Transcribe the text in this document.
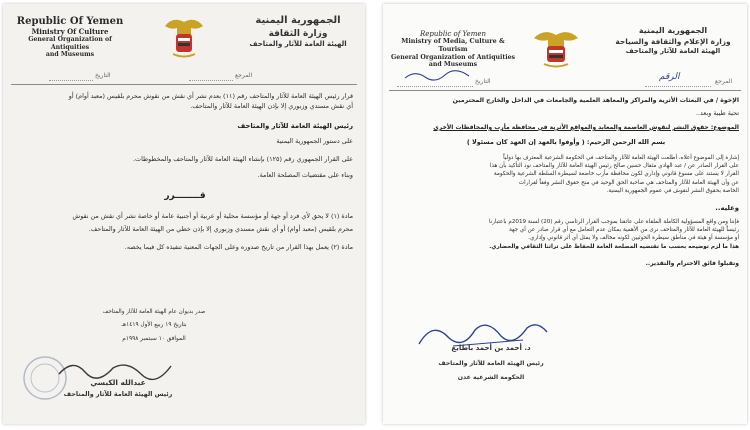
Republic Of Yemen
Ministry Of Culture
General Organization of Antiquities
and Museums
الجمهورية اليمنية
وزارة الثقافة
الهيئة العامة للآثار والمتاحف
المرجع
التاريخ
قرار رئيس الهيئة العامة للآثار والمتاحف رقم (١١) بعدم نشر أي نقش من نقوش محرم بلقيس (معبد أوام) أو
أي نقش مسندي وزبوري إلا بإذن الهيئة العامة للآثار والمتاحف.
رئيس الهيئة العامة للآثار والمتاحف
على دستور الجمهورية اليمنية
على القرار الجمهوري رقم (١٢٥) بإنشاء الهيئة العامة للآثار والمتاحف والمخطوطات.
وبناء على مقتضيات المصلحة العامة.
قــــــــرر
مادة (١) لا يحق لأي فرد أو جهة أو مؤسسة محلية أو عربية أو أجنبية عامة أو خاصة نشر أي نقش من نقوش
محرم بلقيس (معبد أوام) أو أي نقش مسندي وزبوري إلا بإذن خطي من الهيئة العامة للآثار والمتاحف.
مادة (٢) يعمل بهذا القرار من تاريخ صدوره وعلى الجهات المعنية تنفيذه كل فيما يخصه.
صدر بديوان عام الهيئة العامة للآثار والمتاحف
بتاريخ ١٩ ربيع الأول ١٤١٩هـ
الموافق ١٠ سبتمبر ١٩٩٨م
عبدالله الكبسي
رئيس الهيئة العامة للآثار والمتاحف
Republic of Yemen
Ministry of Media, Culture & Tourism
General Organization of Antiquities
and Museums
الجمهورية اليمنية
وزارة الإعلام والثقافة والسياحة
الهيئة العامة للآثار والمتاحف
المرجع
الرقم
التاريخ
الإخوة / في البعثات الأثرية والمراكز والمعاهد العلمية والجامعات في الداخل والخارج المحترمين
تحية طيبة وبعد..
الموضوع: حقوق النشر لنقوش العاصمة والمعابد والمواقع الأثرية في محافظة مأرب والمحافظات الأخرى
بسم الله الرحمن الرحيم: ( وأوفوا بالعهد إن العهد كان مسئولا )
إشارة إلى الموضوع أعلاه، أطلعت الهيئة العامة للآثار والمتاحف في الحكومة الشرعية المعترف بها دولياً
على القرار الصادر عن / عبد الهادي مثقال حسين صالح رئيس الهيئة العامة للآثار والمتاحف نود التأكيد بأن هذا
القرار لا يستند على مسوغ قانوني وإداري لكون محافظة مأرب خاضعة لسيطرة السلطة الشرعية والحكومة
عن وأن الهيئة العامة للآثار والمتاحف هي صاحبة الحق الوحيد في منح حقوق النشر وفقاً لقرارات
الخاصة بحقوق النشر لنقوش في عموم الجمهورية اليمنية.
وعليه..
فإننا ومن واقع المسؤولية الكاملة الملقاة على عاتقنا بموجب القرار الرئاسي رقم (20) لسنة 2019م باعتبارنا
رئيساً للهيئة العامة للآثار والمتاحف نرى من الأهمية بمكان عدم التعامل مع أي قرار صادر عن أي جهة
أو مؤسسة أو هيئة في مناطق سيطرة الحوثيين لكونه مخالف ولا يمثل أي أثر قانوني وإداري.
هذا ما لزم توضيحه بحسب ما تقتضيه المصلحة العامة للحفاظ على تراثنا الثقافي والحضاري.
وتقبلوا فائق الاحترام والتقدير..
د. أحمد بن أحمد باطايع
رئيس الهيئة العامة للآثار والمتاحف
الحكومة الشرعية عدن
